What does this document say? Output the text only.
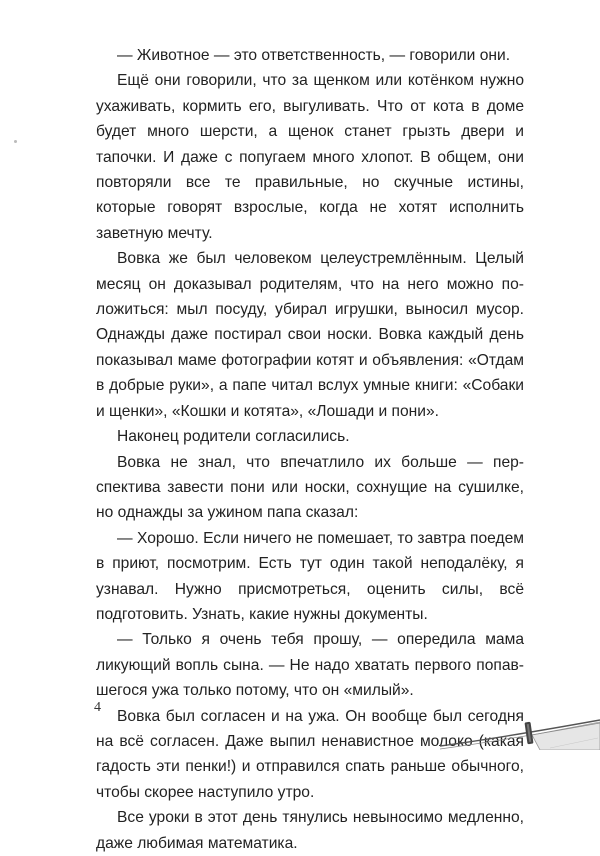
— Животное — это ответственность, — говорили они.

Ещё они говорили, что за щенком или котёнком нужно ухаживать, кормить его, выгуливать. Что от кота в доме будет много шерсти, а щенок станет грызть двери и тапочки. И даже с попугаем много хлопот. В общем, они повторяли все те правильные, но скучные истины, которые говорят взрослые, когда не хотят исполнить заветную мечту.

Вовка же был человеком целеустремлённым. Целый месяц он доказывал родителям, что на него можно положиться: мыл посуду, убирал игрушки, выносил мусор. Однажды даже постирал свои носки. Вовка каждый день показывал маме фотографии котят и объявления: «Отдам в добрые руки», а папе читал вслух умные книги: «Собаки и щенки», «Кошки и котята», «Лошади и пони».

Наконец родители согласились.

Вовка не знал, что впечатлило их больше — перспектива завести пони или носки, сохнущие на сушилке, но однажды за ужином папа сказал:

— Хорошо. Если ничего не помешает, то завтра поедем в приют, посмотрим. Есть тут один такой неподалёку, я узнавал. Нужно присмотреться, оценить силы, всё подготовить. Узнать, какие нужны документы.

— Только я очень тебя прошу, — опередила мама ликующий вопль сына. — Не надо хватать первого попавшегося ужа только потому, что он «милый».

Вовка был согласен и на ужа. Он вообще был сегодня на всё согласен. Даже выпил ненавистное молоко (какая гадость эти пенки!) и отправился спать раньше обычного, чтобы скорее наступило утро.

Все уроки в этот день тянулись невыносимо медленно, даже любимая математика.

4
